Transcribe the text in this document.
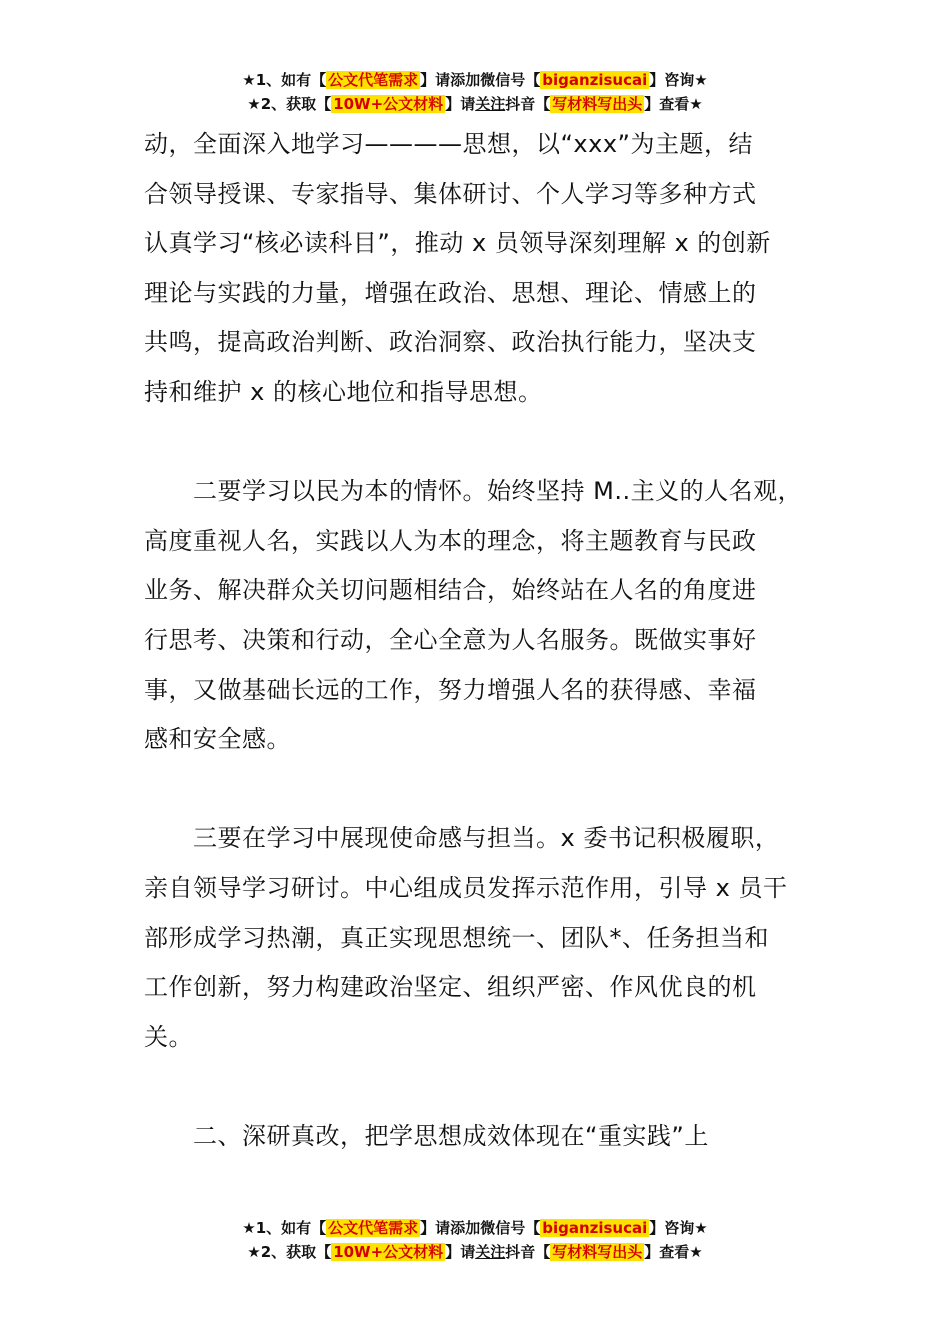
★1、如有【 公文代笔需求 】请添加微信号【 biganzisucai 】咨询★
★2、获取【 10W+公文材料 】请关注抖音【 写材料写出头 】查看★

动，全面深入地学习————思想，以“xxx”为主题，结

合领导授课、专家指导、集体研讨、个人学习等多种方式

认真学习“核必读科目”，推动 x 员领导深刻理解 x 的创新

理论与实践的力量，增强在政治、思想、理论、情感上的

共鸣，提高政治判断、政治洞察、政治执行能力，坚决支

持和维护 x 的核心地位和指导思想。

　　二要学习以民为本的情怀。始终坚持 M..主义的人名观，

高度重视人名，实践以人为本的理念，将主题教育与民政

业务、解决群众关切问题相结合，始终站在人名的角度进

行思考、决策和行动，全心全意为人名服务。既做实事好

事，又做基础长远的工作，努力增强人名的获得感、幸福

感和安全感。

　　三要在学习中展现使命感与担当。x 委书记积极履职，

亲自领导学习研讨。中心组成员发挥示范作用，引导 x 员干

部形成学习热潮，真正实现思想统一、团队*、任务担当和

工作创新，努力构建政治坚定、组织严密、作风优良的机

关。

　　二、深研真改，把学思想成效体现在“重实践”上

★1、如有【 公文代笔需求 】请添加微信号【 biganzisucai 】咨询★
★2、获取【 10W+公文材料 】请关注抖音【 写材料写出头 】查看★
